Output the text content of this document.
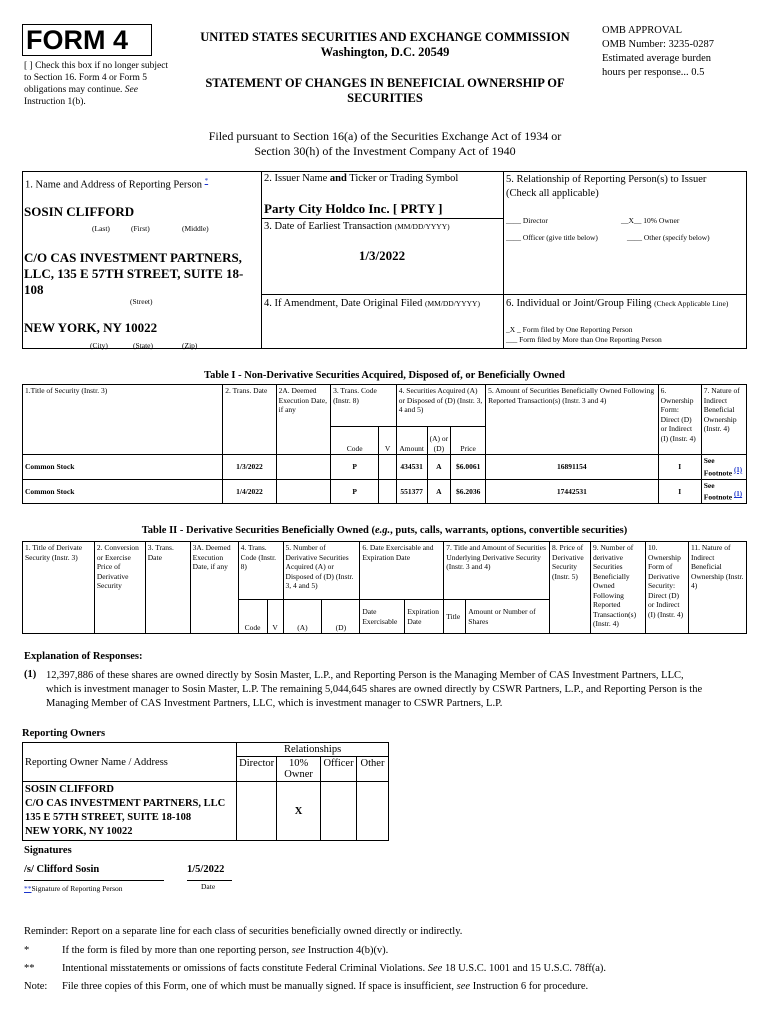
FORM 4
[ ] Check this box if no longer subject to Section 16. Form 4 or Form 5 obligations may continue. See Instruction 1(b).
UNITED STATES SECURITIES AND EXCHANGE COMMISSION
Washington, D.C. 20549
STATEMENT OF CHANGES IN BENEFICIAL OWNERSHIP OF
SECURITIES
OMB APPROVAL
OMB Number: 3235-0287
Estimated average burden
hours per response... 0.5
Filed pursuant to Section 16(a) of the Securities Exchange Act of 1934 or
Section 30(h) of the Investment Company Act of 1940
1. Name and Address of Reporting Person *
SOSIN CLIFFORD
(Last)	(First)	(Middle)
C/O CAS INVESTMENT PARTNERS,
LLC, 135 E 57TH STREET, SUITE 18-
108
(Street)
NEW YORK, NY 10022
(City)	(State)	(Zip)
2. Issuer Name and Ticker or Trading Symbol
Party City Holdco Inc. [ PRTY ]
3. Date of Earliest Transaction (MM/DD/YYYY)
1/3/2022
4. If Amendment, Date Original Filed (MM/DD/YYYY)
5. Relationship of Reporting Person(s) to Issuer
(Check all applicable)
____ Director	__X__ 10% Owner
____ Officer (give title below)	____ Other (specify below)
6. Individual or Joint/Group Filing (Check Applicable Line)
_X _ Form filed by One Reporting Person
___ Form filed by More than One Reporting Person
Table I - Non-Derivative Securities Acquired, Disposed of, or Beneficially Owned
1.Title of Security (Instr. 3)	2. Trans. Date	2A. Deemed Execution Date, if any	3. Trans. Code (Instr. 8)		4. Securities Acquired (A) or Disposed of (D) (Instr. 3, 4 and 5)			5. Amount of Securities Beneficially Owned Following Reported Transaction(s) (Instr. 3 and 4)	6. Ownership Form: Direct (D) or Indirect (I) (Instr. 4)	7. Nature of Indirect Beneficial Ownership (Instr. 4)
			Code	V	Amount	(A) or (D)	Price			
Common Stock	1/3/2022		P		434531	A	$6.0061	16891154	I	See
Footnote (1)

Common Stock	1/4/2022		P		551377	A	$6.2036	17442531	I	See
Footnote (1)
Table II - Derivative Securities Beneficially Owned (e.g., puts, calls, warrants, options, convertible securities)
1. Title of Derivate Security (Instr. 3)	2. Conversion or Exercise Price of Derivative Security	3. Trans. Date	3A. Deemed Execution Date, if any	4. Trans. Code (Instr. 8)		5. Number of Derivative Securities Acquired (A) or Disposed of (D) (Instr. 3, 4 and 5)		6. Date Exercisable and Expiration Date		7. Title and Amount of Securities Underlying Derivative Security (Instr. 3 and 4)		8. Price of Derivative Security (Instr. 5)	9. Number of derivative Securities Beneficially Owned Following Reported Transaction(s) (Instr. 4)	10. Ownership Form of Derivative Security: Direct (D) or Indirect (I) (Instr. 4)	11. Nature of Indirect Beneficial Ownership (Instr. 4)
				Code	V	(A)	(D)	Date Exercisable	Expiration Date	Title	Amount or Number of Shares				
Explanation of Responses:
(1) 12,397,886 of these shares are owned directly by Sosin Master, L.P., and Reporting Person is the Managing Member of CAS Investment Partners, LLC,
which is investment manager to Sosin Master, L.P. The remaining 5,044,645 shares are owned directly by CSWR Partners, L.P., and Reporting Person is the
Managing Member of CAS Investment Partners, LLC, which is investment manager to CSWR Partners, L.P.
Reporting Owners
Reporting Owner Name / Address	Relationships			
	Director	10% Owner	Officer	Other

SOSIN CLIFFORD
C/O CAS INVESTMENT PARTNERS, LLC
135 E 57TH STREET, SUITE 18-108
NEW YORK, NY 10022		X		
Signatures
/s/ Clifford Sosin	1/5/2022
**Signature of Reporting Person	Date
Reminder: Report on a separate line for each class of securities beneficially owned directly or indirectly.
*	If the form is filed by more than one reporting person, see Instruction 4(b)(v).
**	Intentional misstatements or omissions of facts constitute Federal Criminal Violations. See 18 U.S.C. 1001 and 15 U.S.C. 78ff(a).
Note: File three copies of this Form, one of which must be manually signed. If space is insufficient, see Instruction 6 for procedure.
